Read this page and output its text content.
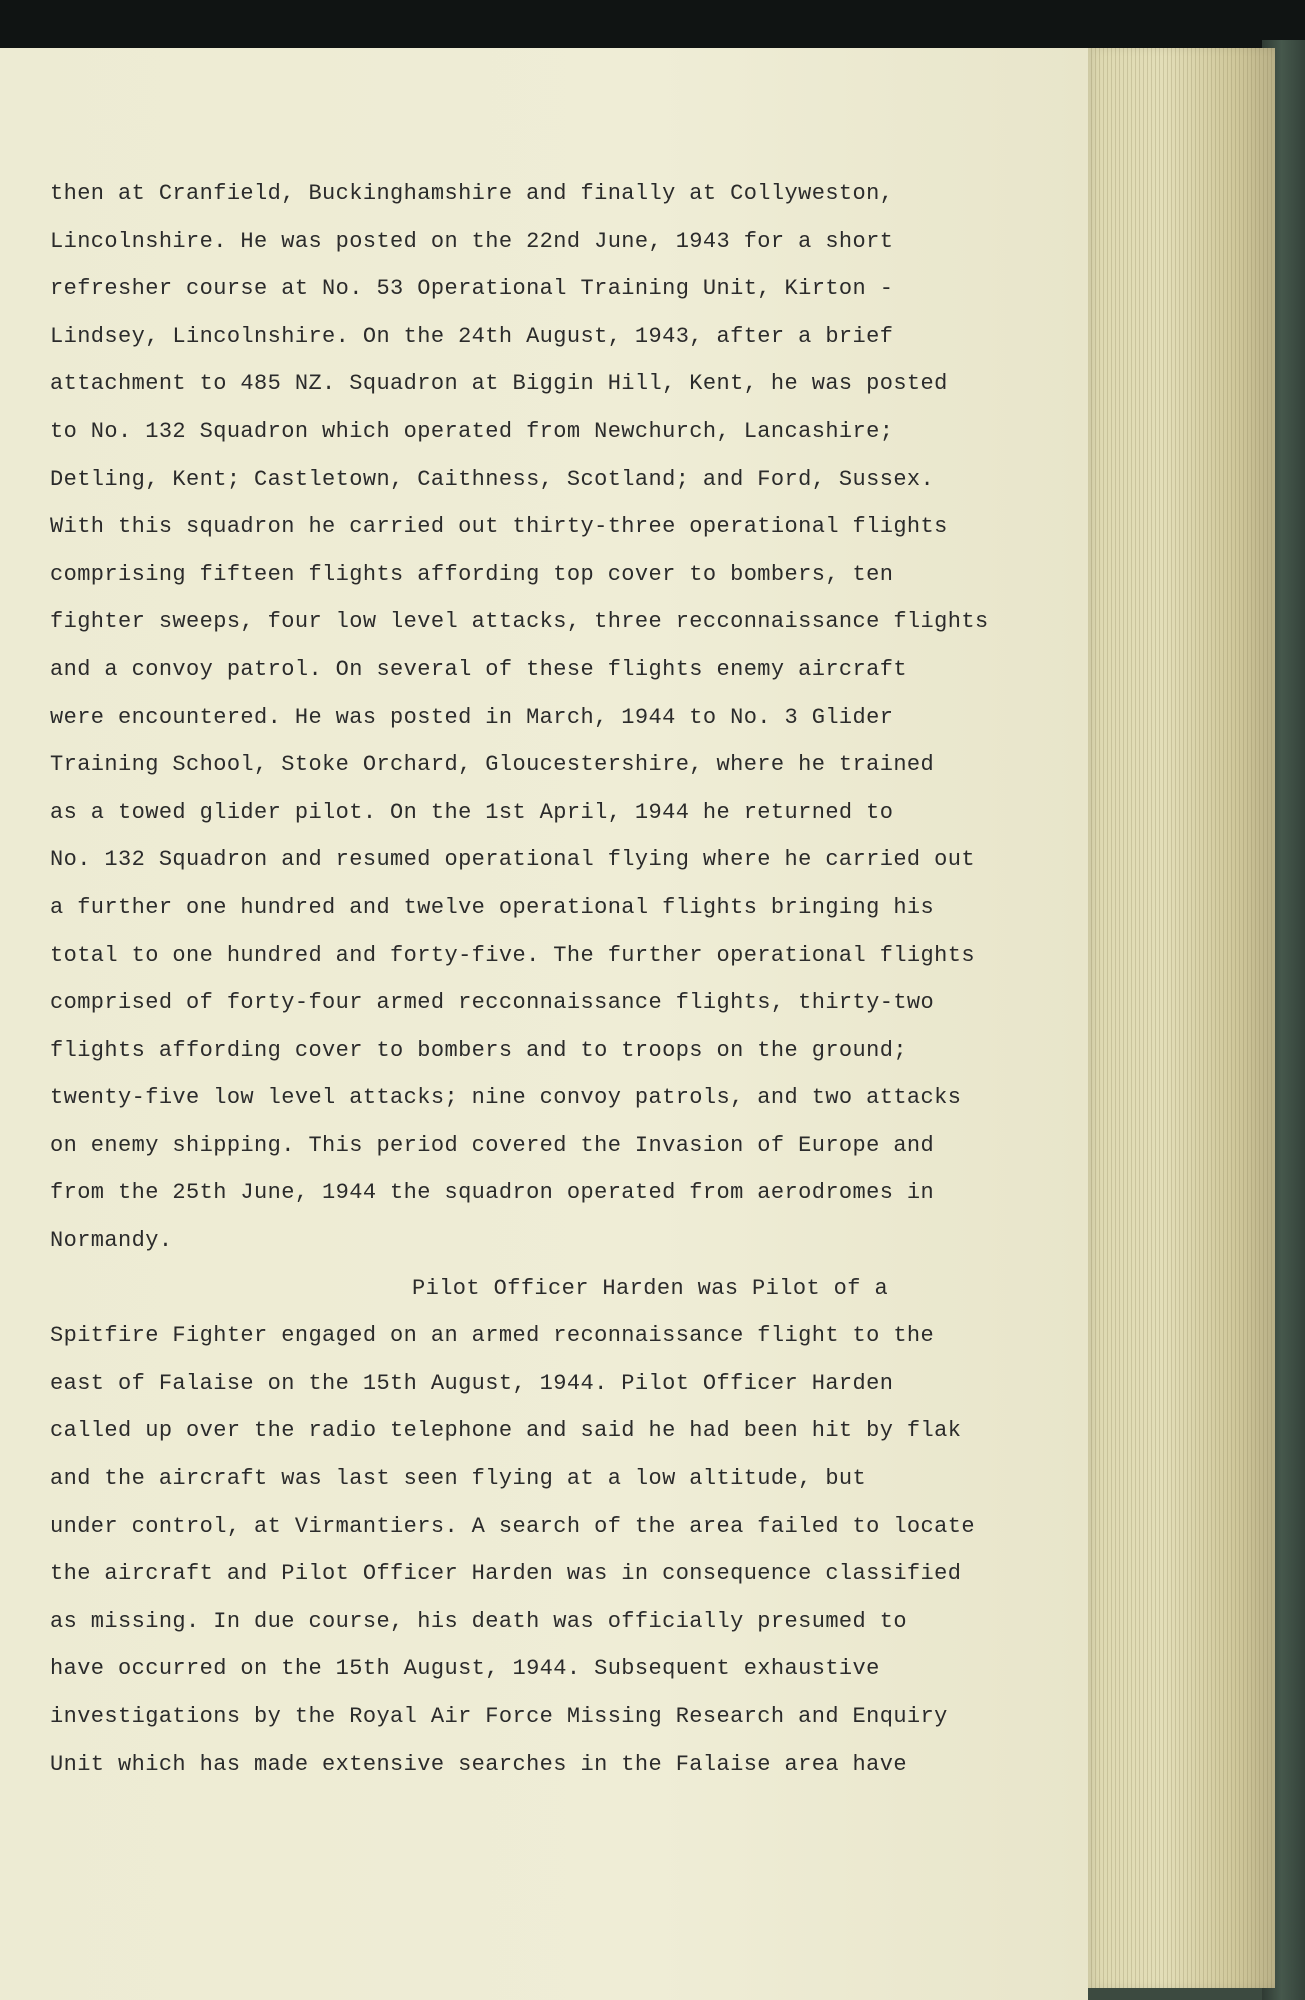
then at Cranfield, Buckinghamshire and finally at Collyweston,
Lincolnshire. He was posted on the 22nd June, 1943 for a short
refresher course at No. 53 Operational Training Unit, Kirton -
Lindsey, Lincolnshire. On the 24th August, 1943, after a brief
attachment to 485 NZ. Squadron at Biggin Hill, Kent, he was posted
to No. 132 Squadron which operated from Newchurch, Lancashire;
Detling, Kent; Castletown, Caithness, Scotland; and Ford, Sussex.
With this squadron he carried out thirty-three operational flights
comprising fifteen flights affording top cover to bombers, ten
fighter sweeps, four low level attacks, three recconnaissance flights
and a convoy patrol. On several of these flights enemy aircraft
were encountered. He was posted in March, 1944 to No. 3 Glider
Training School, Stoke Orchard, Gloucestershire, where he trained
as a towed glider pilot. On the 1st April, 1944 he returned to
No. 132 Squadron and resumed operational flying where he carried out
a further one hundred and twelve operational flights bringing his
total to one hundred and forty-five. The further operational flights
comprised of forty-four armed recconnaissance flights, thirty-two
flights affording cover to bombers and to troops on the ground;
twenty-five low level attacks; nine convoy patrols, and two attacks
on enemy shipping. This period covered the Invasion of Europe and
from the 25th June, 1944 the squadron operated from aerodromes in
Normandy.
Pilot Officer Harden was Pilot of a
Spitfire Fighter engaged on an armed reconnaissance flight to the
east of Falaise on the 15th August, 1944. Pilot Officer Harden
called up over the radio telephone and said he had been hit by flak
and the aircraft was last seen flying at a low altitude, but
under control, at Virmantiers. A search of the area failed to locate
the aircraft and Pilot Officer Harden was in consequence classified
as missing. In due course, his death was officially presumed to
have occurred on the 15th August, 1944. Subsequent exhaustive
investigations by the Royal Air Force Missing Research and Enquiry
Unit which has made extensive searches in the Falaise area have
